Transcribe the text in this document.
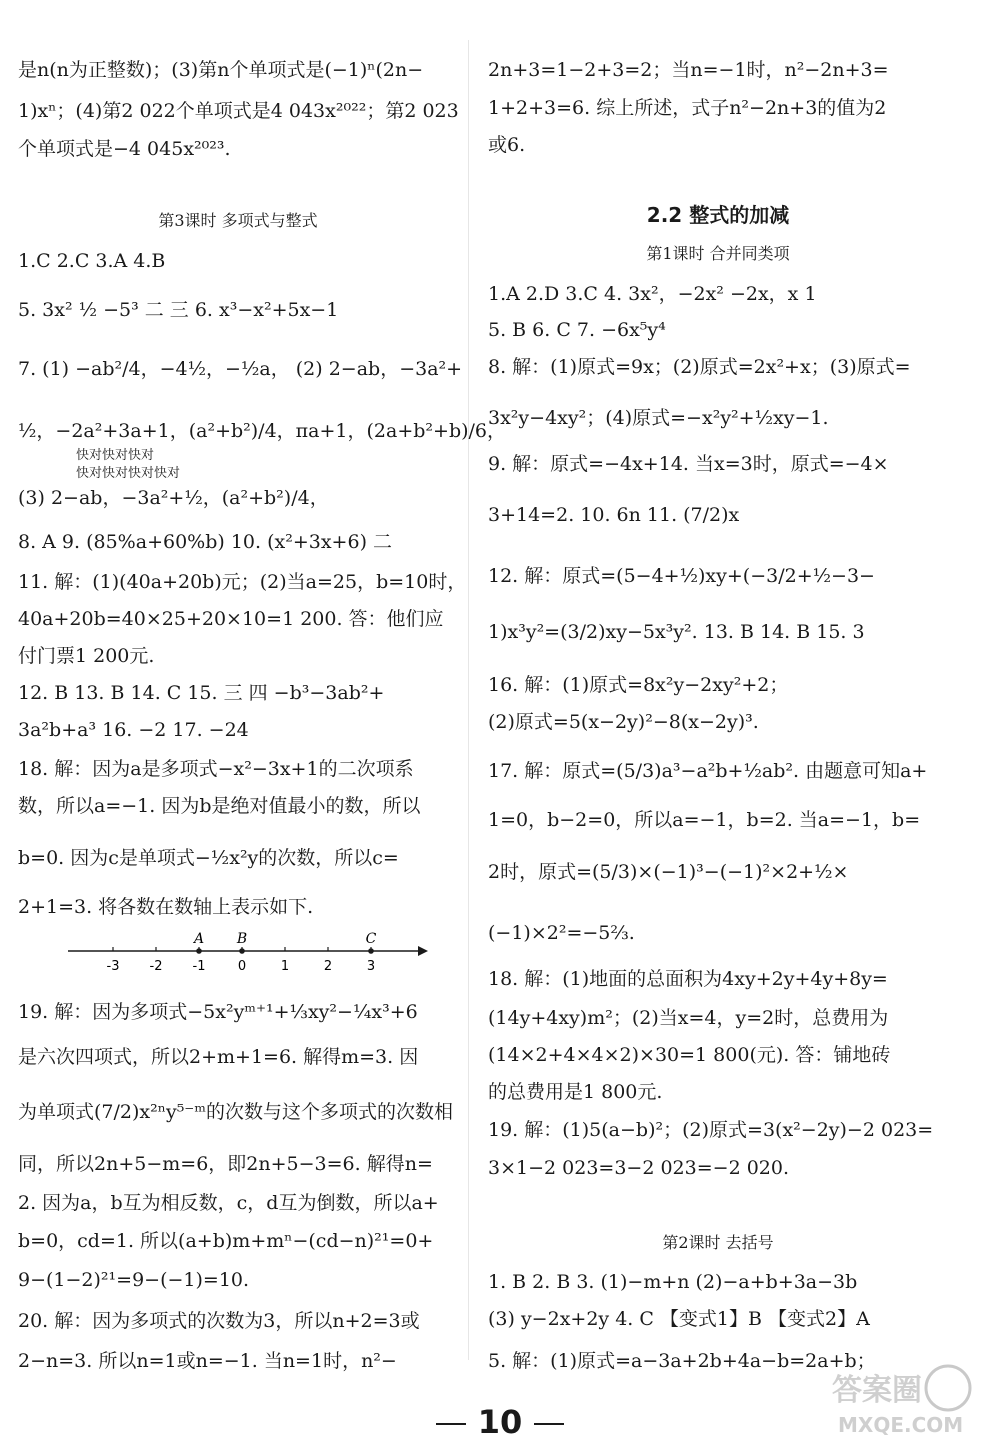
是n(n为正整数)；(3)第n个单项式是(−1)ⁿ(2n−
1)xⁿ；(4)第2 022个单项式是4 043x²⁰²²；第2 023
个单项式是−4 045x²⁰²³.
第3课时 多项式与整式
1.C 2.C 3.A 4.B
5. 3x² ½ −5³ 二 三 6. x³−x²+5x−1
7. (1) −ab²/4，−4½，−½a， (2) 2−ab，−3a²+
½，−2a²+3a+1，(a²+b²)/4，πa+1，(2a+b²+b)/6，
快对快对快对
快对快对快对快对
(3) 2−ab，−3a²+½，(a²+b²)/4，
8. A 9. (85%a+60%b) 10. (x²+3x+6) 二
11. 解：(1)(40a+20b)元；(2)当a=25，b=10时，
40a+20b=40×25+20×10=1 200. 答：他们应
付门票1 200元.
12. B 13. B 14. C 15. 三 四 −b³−3ab²+
3a²b+a³ 16. −2 17. −24
18. 解：因为a是多项式−x²−3x+1的二次项系
数，所以a=−1. 因为b是绝对值最小的数，所以
b=0. 因为c是单项式−½x²y的次数，所以c=
2+1=3. 将各数在数轴上表示如下.
-3 -2 -1 0	1	2	3
A B	C
19. 解：因为多项式−5x²yᵐ⁺¹+⅓xy²−¼x³+6
是六次四项式，所以2+m+1=6. 解得m=3. 因
为单项式(7/2)x²ⁿy⁵⁻ᵐ的次数与这个多项式的次数相
同，所以2n+5−m=6，即2n+5−3=6. 解得n=
2. 因为a，b互为相反数，c，d互为倒数，所以a+
b=0，cd=1. 所以(a+b)m+mⁿ−(cd−n)²¹=0+
9−(1−2)²¹=9−(−1)=10.
20. 解：因为多项式的次数为3，所以n+2=3或
2−n=3. 所以n=1或n=−1. 当n=1时，n²−
2n+3=1−2+3=2；当n=−1时，n²−2n+3=
1+2+3=6. 综上所述，式子n²−2n+3的值为2
或6.
2.2 整式的加减
第1课时 合并同类项
1.A 2.D 3.C 4. 3x²，−2x² −2x，x 1
5. B 6. C 7. −6x⁵y⁴
8. 解：(1)原式=9x；(2)原式=2x²+x；(3)原式=
3x²y−4xy²；(4)原式=−x²y²+½xy−1.
9. 解：原式=−4x+14. 当x=3时，原式=−4×
3+14=2. 10. 6n 11. (7/2)x
12. 解：原式=(5−4+½)xy+(−3/2+½−3−
1)x³y²=(3/2)xy−5x³y². 13. B 14. B 15. 3
16. 解：(1)原式=8x²y−2xy²+2；
(2)原式=5(x−2y)²−8(x−2y)³.
17. 解：原式=(5/3)a³−a²b+½ab². 由题意可知a+
1=0，b−2=0，所以a=−1，b=2. 当a=−1，b=
2时，原式=(5/3)×(−1)³−(−1)²×2+½×
(−1)×2²=−5⅔.
18. 解：(1)地面的总面积为4xy+2y+4y+8y=
(14y+4xy)m²；(2)当x=4，y=2时，总费用为
(14×2+4×4×2)×30=1 800(元). 答：铺地砖
的总费用是1 800元.
19. 解：(1)5(a−b)²；(2)原式=3(x²−2y)−2 023=
3×1−2 023=3−2 023=−2 020.
第2课时 去括号
1. B 2. B 3. (1)−m+n (2)−a+b+3a−3b
(3) y−2x+2y 4. C 【变式1】B 【变式2】A
5. 解：(1)原式=a−3a+2b+4a−b=2a+b；
10
答案圈
MXQE.COM
